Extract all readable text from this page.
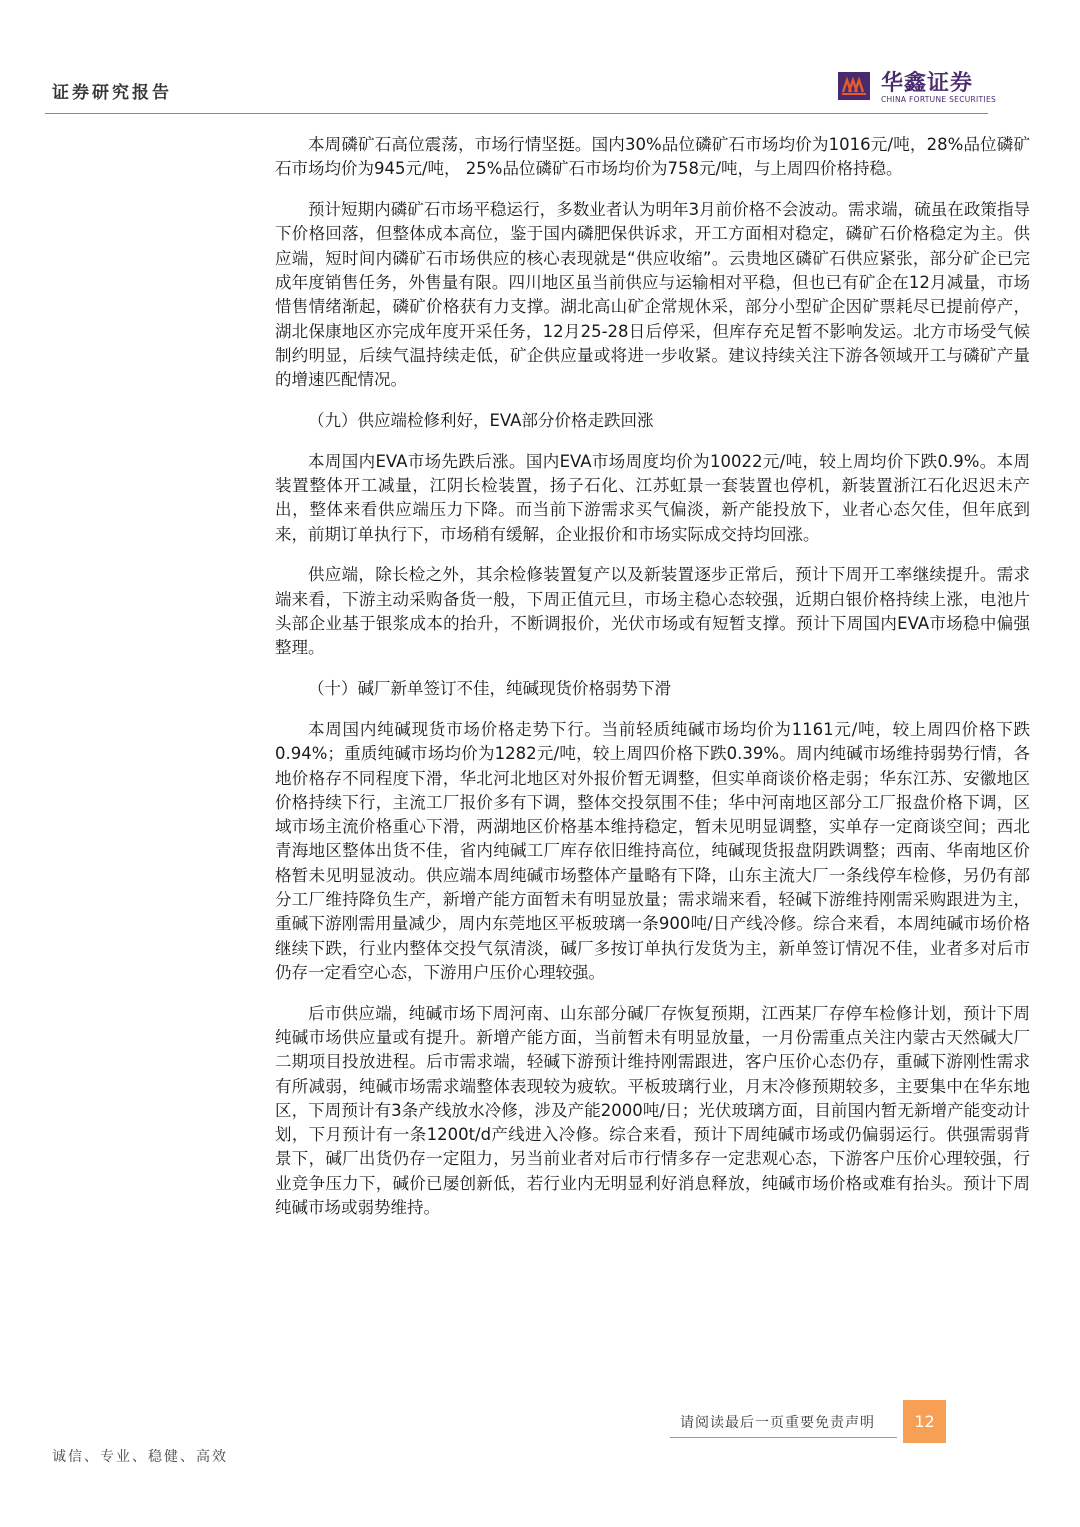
证券研究报告	华鑫证券
CHINA FORTUNE SECURITIES

本周磷矿石高位震荡，市场行情坚挺。国内30%品位磷矿石市场均价为1016元/吨，28%品位磷矿石市场均价为945元/吨， 25%品位磷矿石市场均价为758元/吨，与上周四价格持稳。

预计短期内磷矿石市场平稳运行，多数业者认为明年3月前价格不会波动。需求端，硫虽在政策指导下价格回落，但整体成本高位，鉴于国内磷肥保供诉求，开工方面相对稳定，磷矿石价格稳定为主。供应端，短时间内磷矿石市场供应的核心表现就是“供应收缩”。云贵地区磷矿石供应紧张，部分矿企已完成年度销售任务，外售量有限。四川地区虽当前供应与运输相对平稳，但也已有矿企在12月减量，市场惜售情绪渐起，磷矿价格获有力支撑。湖北高山矿企常规休采，部分小型矿企因矿票耗尽已提前停产，湖北保康地区亦完成年度开采任务，12月25-28日后停采，但库存充足暂不影响发运。北方市场受气候制约明显，后续气温持续走低，矿企供应量或将进一步收紧。建议持续关注下游各领域开工与磷矿产量的增速匹配情况。

（九）供应端检修利好，EVA部分价格走跌回涨

本周国内EVA市场先跌后涨。国内EVA市场周度均价为10022元/吨，较上周均价下跌0.9%。本周装置整体开工减量，江阴长检装置，扬子石化、江苏虹景一套装置也停机，新装置浙江石化迟迟未产出，整体来看供应端压力下降。而当前下游需求买气偏淡，新产能投放下，业者心态欠佳，但年底到来，前期订单执行下，市场稍有缓解，企业报价和市场实际成交持均回涨。

供应端，除长检之外，其余检修装置复产以及新装置逐步正常后，预计下周开工率继续提升。需求端来看，下游主动采购备货一般，下周正值元旦，市场主稳心态较强，近期白银价格持续上涨，电池片头部企业基于银浆成本的抬升，不断调报价，光伏市场或有短暂支撑。预计下周国内EVA市场稳中偏强整理。

（十）碱厂新单签订不佳，纯碱现货价格弱势下滑

本周国内纯碱现货市场价格走势下行。当前轻质纯碱市场均价为1161元/吨，较上周四价格下跌0.94%；重质纯碱市场均价为1282元/吨，较上周四价格下跌0.39%。周内纯碱市场维持弱势行情，各地价格存不同程度下滑，华北河北地区对外报价暂无调整，但实单商谈价格走弱；华东江苏、安徽地区价格持续下行，主流工厂报价多有下调，整体交投氛围不佳；华中河南地区部分工厂报盘价格下调，区域市场主流价格重心下滑，两湖地区价格基本维持稳定，暂未见明显调整，实单存一定商谈空间；西北青海地区整体出货不佳，省内纯碱工厂库存依旧维持高位，纯碱现货报盘阴跌调整；西南、华南地区价格暂未见明显波动。供应端本周纯碱市场整体产量略有下降，山东主流大厂一条线停车检修，另仍有部分工厂维持降负生产，新增产能方面暂未有明显放量；需求端来看，轻碱下游维持刚需采购跟进为主，重碱下游刚需用量减少，周内东莞地区平板玻璃一条900吨/日产线冷修。综合来看，本周纯碱市场价格继续下跌，行业内整体交投气氛清淡，碱厂多按订单执行发货为主，新单签订情况不佳，业者多对后市仍存一定看空心态，下游用户压价心理较强。

后市供应端，纯碱市场下周河南、山东部分碱厂存恢复预期，江西某厂存停车检修计划，预计下周纯碱市场供应量或有提升。新增产能方面，当前暂未有明显放量，一月份需重点关注内蒙古天然碱大厂二期项目投放进程。后市需求端，轻碱下游预计维持刚需跟进，客户压价心态仍存，重碱下游刚性需求有所减弱，纯碱市场需求端整体表现较为疲软。平板玻璃行业，月末冷修预期较多，主要集中在华东地区，下周预计有3条产线放水冷修，涉及产能2000吨/日；光伏玻璃方面，目前国内暂无新增产能变动计划，下月预计有一条1200t/d产线进入冷修。综合来看，预计下周纯碱市场或仍偏弱运行。供强需弱背景下，碱厂出货仍存一定阻力，另当前业者对后市行情多存一定悲观心态，下游客户压价心理较强，行业竞争压力下，碱价已屡创新低，若行业内无明显利好消息释放，纯碱市场价格或难有抬头。预计下周纯碱市场或弱势维持。

请阅读最后一页重要免责声明	12
诚信、专业、稳健、高效
